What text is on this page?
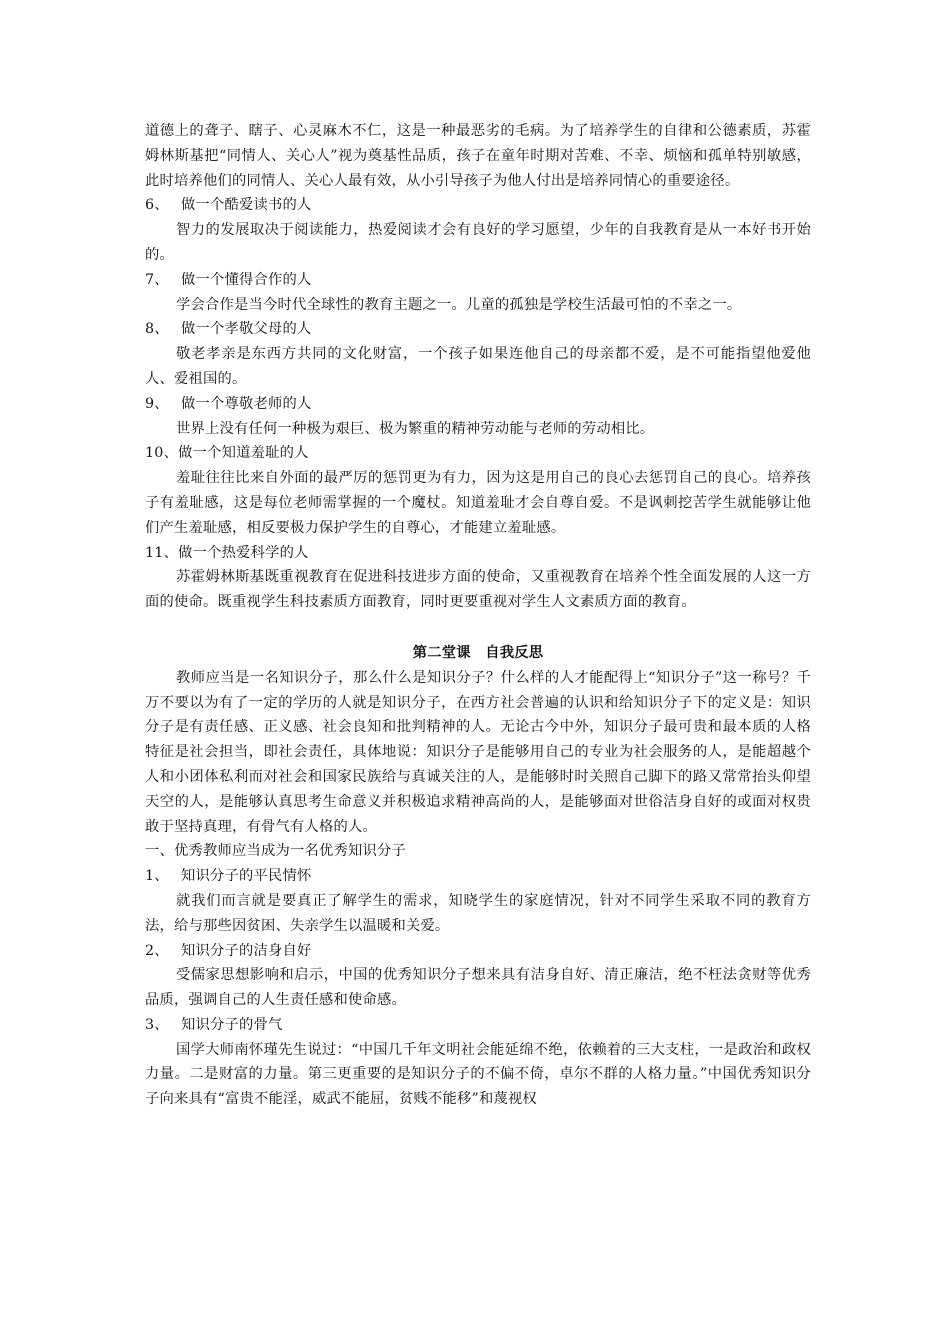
道德上的聋子、瞎子、心灵麻木不仁，这是一种最恶劣的毛病。为了培养学生的自律和公德素质，苏霍姆林斯基把“同情人、关心人”视为奠基性品质，孩子在童年时期对苦难、不幸、烦恼和孤单特别敏感，此时培养他们的同情人、关心人最有效，从小引导孩子为他人付出是培养同情心的重要途径。

6、 做一个酷爱读书的人

智力的发展取决于阅读能力，热爱阅读才会有良好的学习愿望，少年的自我教育是从一本好书开始的。

7、 做一个懂得合作的人

学会合作是当今时代全球性的教育主题之一。儿童的孤独是学校生活最可怕的不幸之一。

8、 做一个孝敬父母的人

敬老孝亲是东西方共同的文化财富，一个孩子如果连他自己的母亲都不爱，是不可能指望他爱他人、爱祖国的。

9、 做一个尊敬老师的人

世界上没有任何一种极为艰巨、极为繁重的精神劳动能与老师的劳动相比。

10、做一个知道羞耻的人

羞耻往往比来自外面的最严厉的惩罚更为有力，因为这是用自己的良心去惩罚自己的良心。培养孩子有羞耻感，这是每位老师需掌握的一个魔杖。知道羞耻才会自尊自爱。不是讽刺挖苦学生就能够让他们产生羞耻感，相反要极力保护学生的自尊心，才能建立羞耻感。

11、做一个热爱科学的人

苏霍姆林斯基既重视教育在促进科技进步方面的使命，又重视教育在培养个性全面发展的人这一方面的使命。既重视学生科技素质方面教育，同时更要重视对学生人文素质方面的教育。

第二堂课　自我反思

教师应当是一名知识分子，那么什么是知识分子？什么样的人才能配得上“知识分子”这一称号？千万不要以为有了一定的学历的人就是知识分子，在西方社会普遍的认识和给知识分子下的定义是：知识分子是有责任感、正义感、社会良知和批判精神的人。无论古今中外，知识分子最可贵和最本质的人格特征是社会担当，即社会责任，具体地说：知识分子是能够用自己的专业为社会服务的人，是能超越个人和小团体私利而对社会和国家民族给与真诚关注的人，是能够时时关照自己脚下的路又常常抬头仰望天空的人，是能够认真思考生命意义并积极追求精神高尚的人，是能够面对世俗洁身自好的或面对权贵敢于坚持真理，有骨气有人格的人。

一、优秀教师应当成为一名优秀知识分子

1、 知识分子的平民情怀

就我们而言就是要真正了解学生的需求，知晓学生的家庭情况，针对不同学生采取不同的教育方法，给与那些因贫困、失亲学生以温暖和关爱。

2、 知识分子的洁身自好

受儒家思想影响和启示，中国的优秀知识分子想来具有洁身自好、清正廉洁，绝不枉法贪财等优秀品质，强调自己的人生责任感和使命感。

3、 知识分子的骨气

国学大师南怀瑾先生说过：“中国几千年文明社会能延绵不绝，依赖着的三大支柱，一是政治和政权力量。二是财富的力量。第三更重要的是知识分子的不偏不倚，卓尔不群的人格力量。”中国优秀知识分子向来具有“富贵不能淫，威武不能屈，贫贱不能移”和蔑视权
